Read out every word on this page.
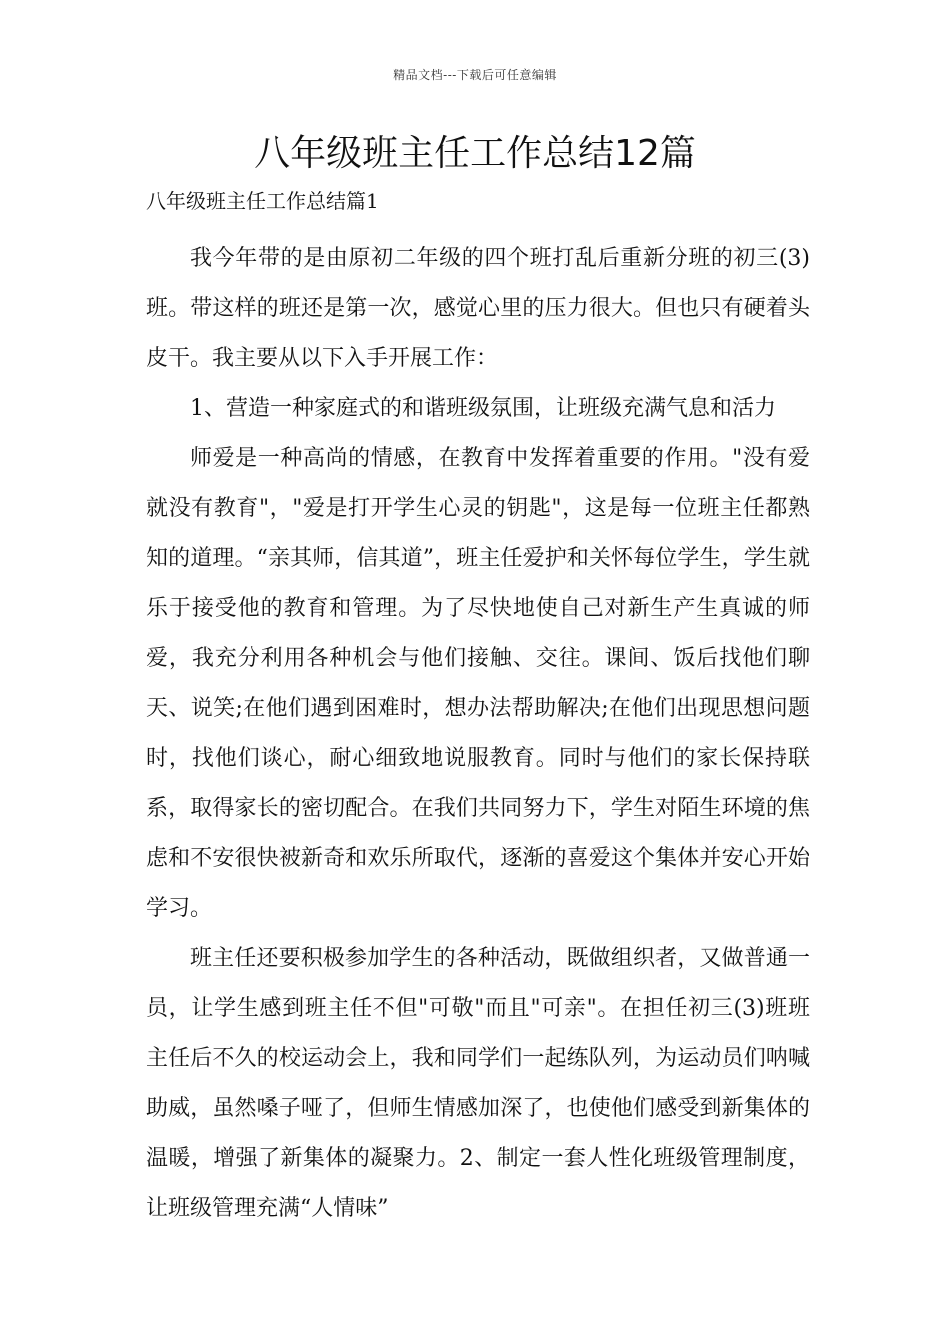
精品文档---下载后可任意编辑
八年级班主任工作总结12篇
八年级班主任工作总结篇1

我今年带的是由原初二年级的四个班打乱后重新分班的初三(3)班。带这样的班还是第一次，感觉心里的压力很大。但也只有硬着头皮干。我主要从以下入手开展工作：

1、营造一种家庭式的和谐班级氛围，让班级充满气息和活力

师爱是一种高尚的情感，在教育中发挥着重要的作用。"没有爱就没有教育"，"爱是打开学生心灵的钥匙"，这是每一位班主任都熟知的道理。“亲其师，信其道”，班主任爱护和关怀每位学生，学生就乐于接受他的教育和管理。为了尽快地使自己对新生产生真诚的师爱，我充分利用各种机会与他们接触、交往。课间、饭后找他们聊天、说笑;在他们遇到困难时，想办法帮助解决;在他们出现思想问题时，找他们谈心，耐心细致地说服教育。同时与他们的家长保持联系，取得家长的密切配合。在我们共同努力下，学生对陌生环境的焦虑和不安很快被新奇和欢乐所取代，逐渐的喜爱这个集体并安心开始学习。

班主任还要积极参加学生的各种活动，既做组织者，又做普通一员，让学生感到班主任不但"可敬"而且"可亲"。在担任初三(3)班班主任后不久的校运动会上，我和同学们一起练队列，为运动员们呐喊助威，虽然嗓子哑了，但师生情感加深了，也使他们感受到新集体的温暖，增强了新集体的凝聚力。2、制定一套人性化班级管理制度，让班级管理充满“人情味”
